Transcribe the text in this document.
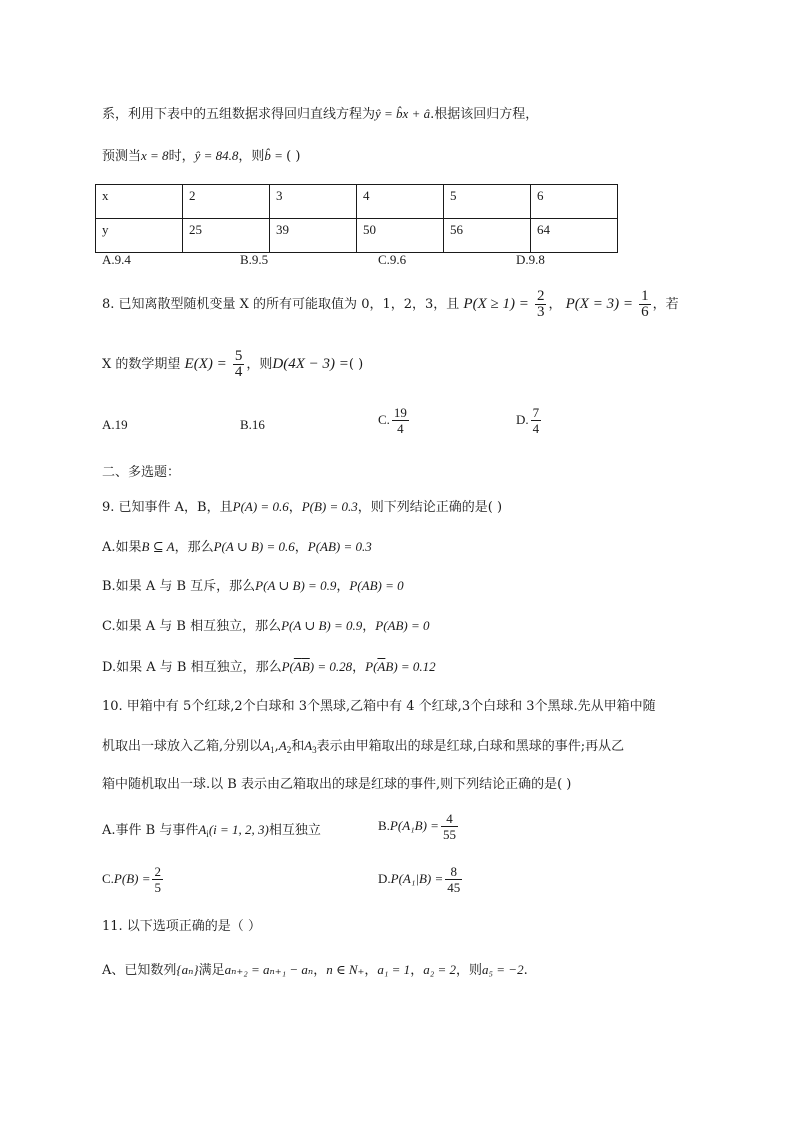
系，利用下表中的五组数据求得回归直线方程为ŷ = b̂x + â.根据该回归方程，
预测当x = 8时，ŷ = 84.8，则b̂ = ( )
x	2	3	4	5	6
y	25	39	50	56	64
A.9.4	B.9.5	C.9.6	D.9.8
8. 已知离散型随机变量 X 的所有可能取值为 0，1，2，3，且 $P(X \ge 1) = \frac{2}{3}$ ， $P(X = 3) = \frac{1}{6}$ ，若
X 的数学期望 $E(X) = \frac{5}{4}$ ，则D(4X − 3) =( )
A.19	B.16	C. $\frac{19}{4}$	D. $\frac{7}{4}$
二、多选题：
9. 已知事件 A，B，且P(A) = 0.6，P(B) = 0.3，则下列结论正确的是( )
A.如果B ⊆ A，那么P(A ∪ B) = 0.6，P(AB) = 0.3
B.如果 A 与 B 互斥，那么P(A ∪ B) = 0.9，P(AB) = 0
C.如果 A 与 B 相互独立，那么P(A ∪ B) = 0.9，P(AB) = 0
D.如果 A 与 B 相互独立，那么$P(\overline{A}\overline{B}) = 0.28$，$P(\overline{A}B) = 0.12$
10. 甲箱中有 5个红球,2个白球和 3个黑球,乙箱中有 4 个红球,3个白球和 3个黑球.先从甲箱中随
机取出一球放入乙箱,分别以$A_1,A_2$和$A_3$表示由甲箱取出的球是红球,白球和黑球的事件;再从乙
箱中随机取出一球.以 B 表示由乙箱取出的球是红球的事件,则下列结论正确的是( )
A.事件 B 与事件$A_i(i = 1$, 2, 3)相互独立	$B.P(A_1B) = \frac{4}{55}$
$C.P(B) = \frac{2}{5}$	$D.P(A_1|B) = \frac{8}{45}$
11. 以下选项正确的是（ ）
A、已知数列{aₙ}满足aₙ₊₂ = aₙ₊₁ − aₙ，n ∈ N₊，a₁ = 1，a₂ = 2，则a₅ = −2.
